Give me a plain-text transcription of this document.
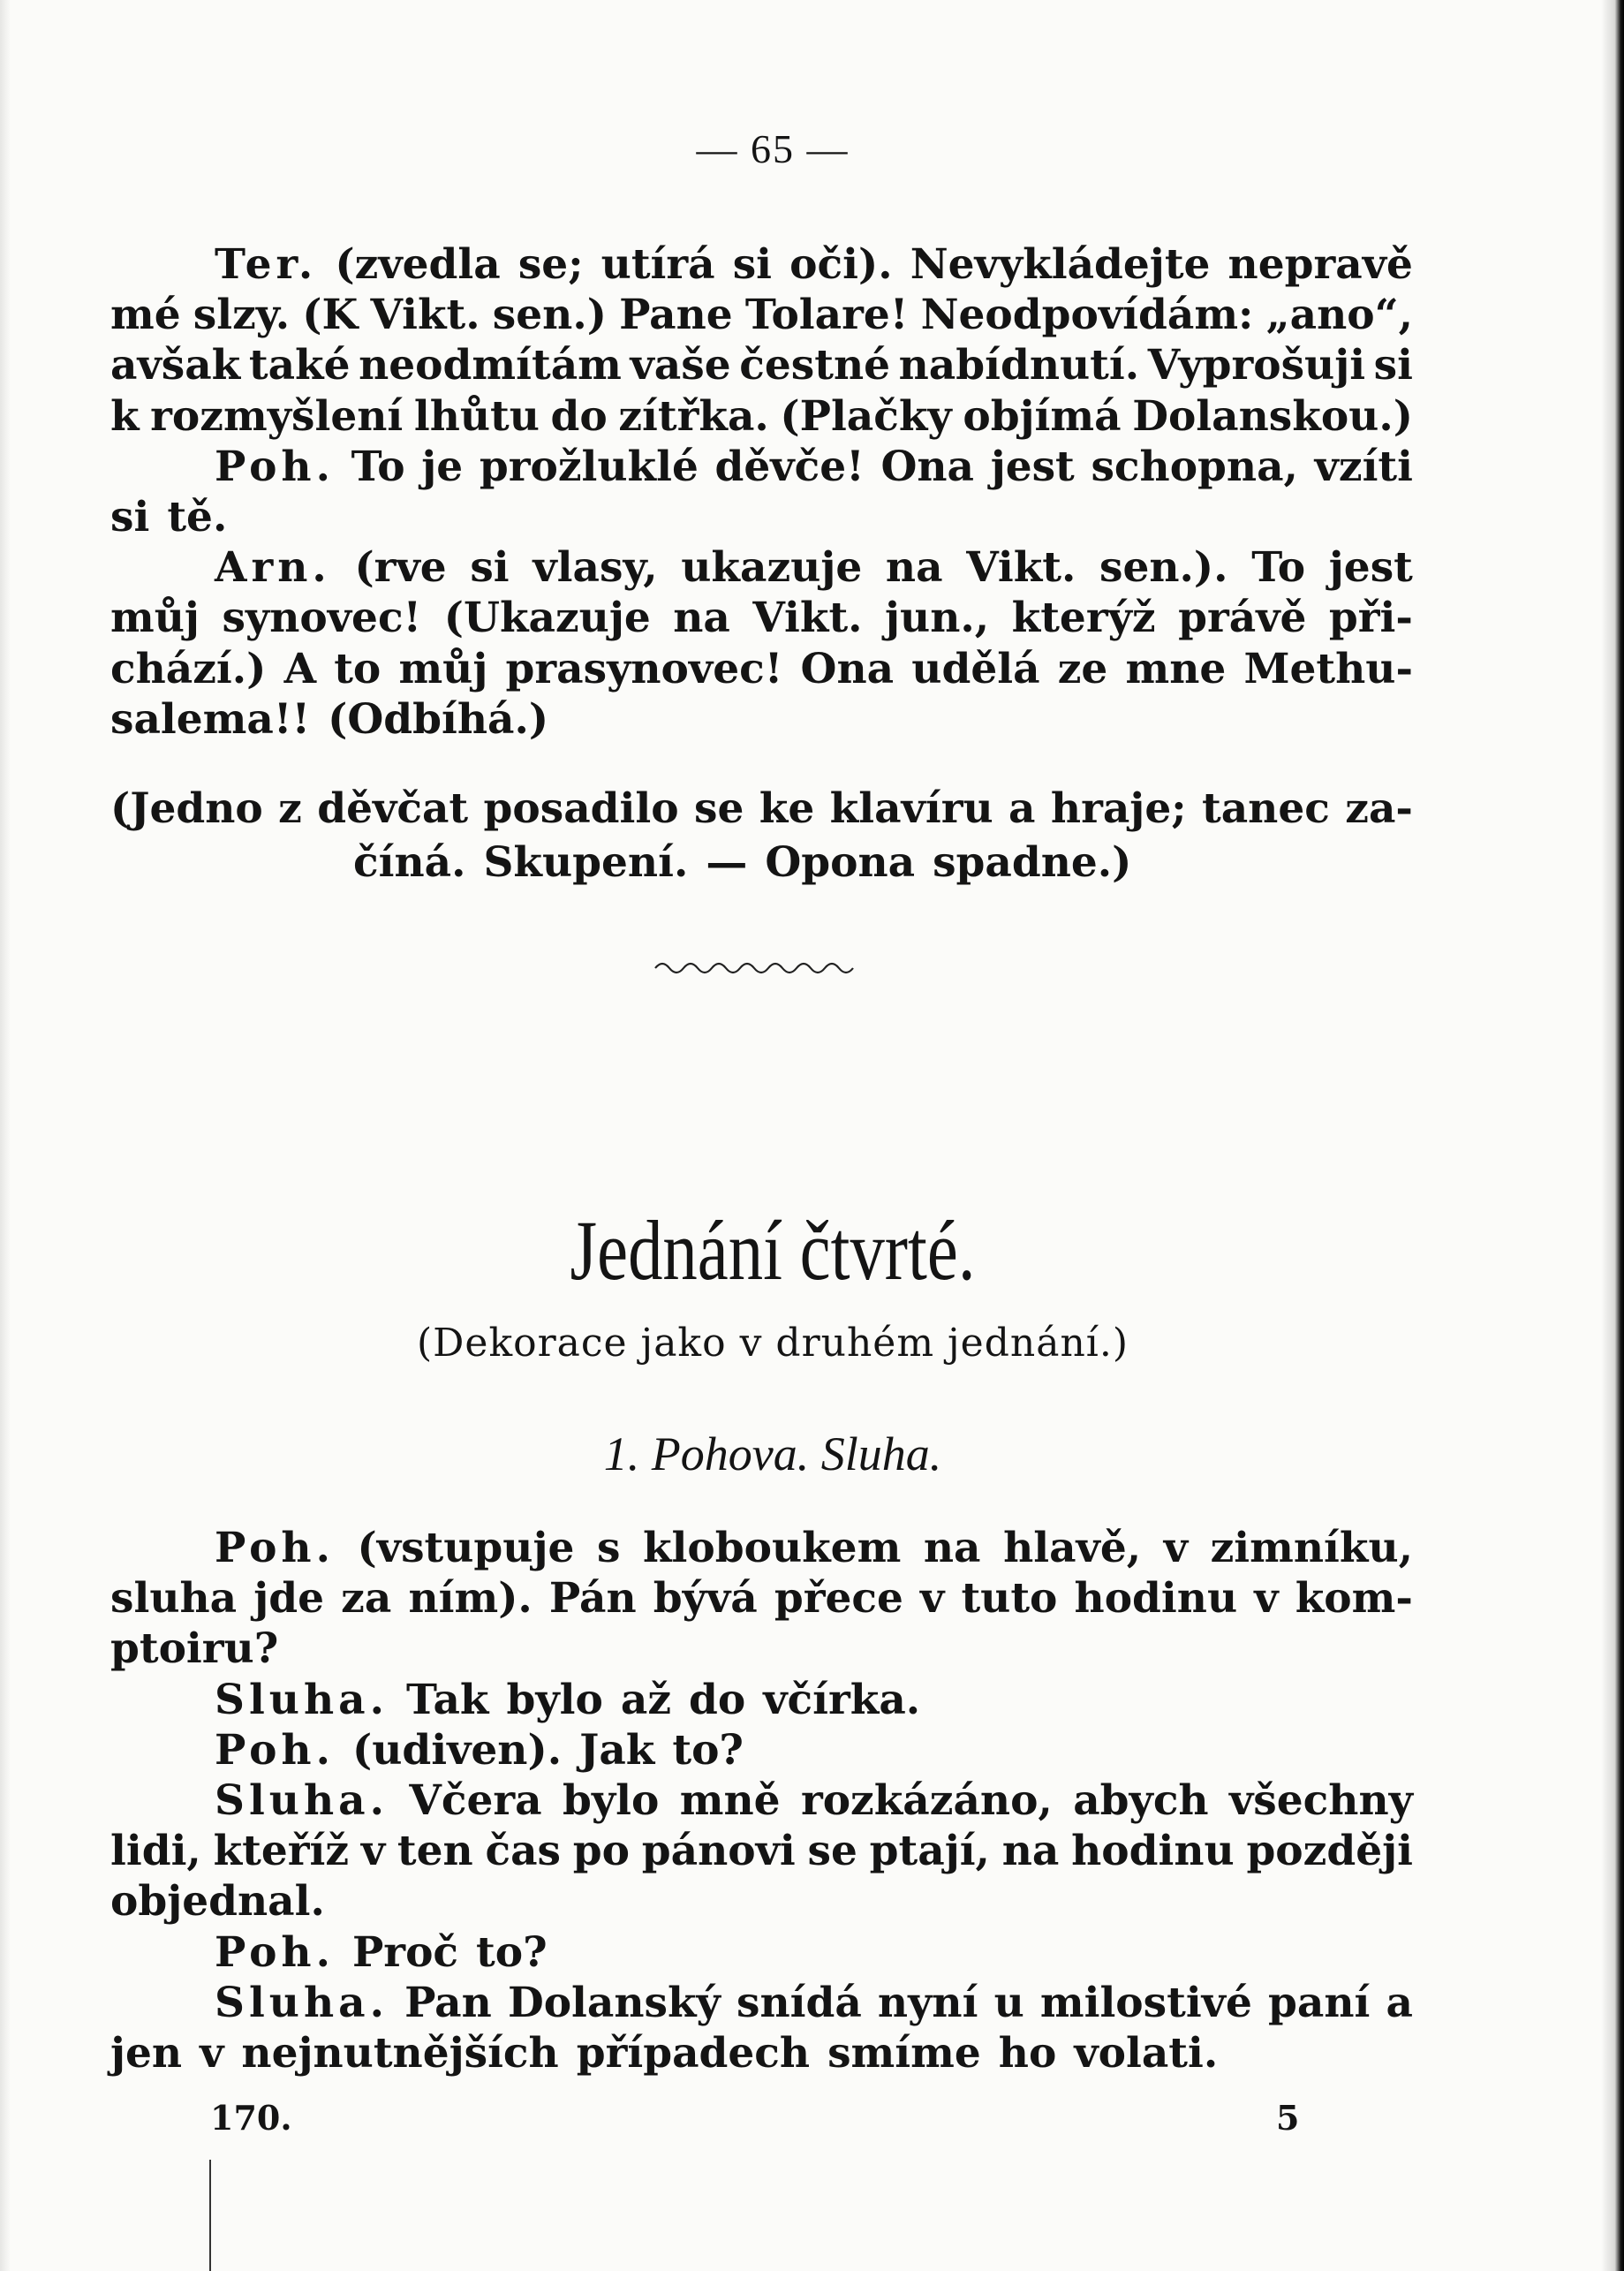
— 65 —
Ter. (zvedla se; utírá si oči). Nevykládejte nepravě
mé slzy. (K Vikt. sen.) Pane Tolare! Neodpovídám: „ano“,
avšak také neodmítám vaše čestné nabídnutí. Vyprošuji si
k rozmyšlení lhůtu do zítřka. (Plačky objímá Dolanskou.)
Poh. To je prožluklé děvče! Ona jest schopna, vzíti
si tě.
Arn. (rve si vlasy, ukazuje na Vikt. sen.). To jest
můj synovec! (Ukazuje na Vikt. jun., kterýž právě při-
chází.) A to můj prasynovec! Ona udělá ze mne Methu-
salema!! (Odbíhá.)
(Jedno z děvčat posadilo se ke klavíru a hraje; tanec za-
číná. Skupení. — Opona spadne.)
Jednání čtvrté.
(Dekorace jako v druhém jednání.)
1. Pohova. Sluha.
Poh. (vstupuje s kloboukem na hlavě, v zimníku,
sluha jde za ním). Pán bývá přece v tuto hodinu v kom-
ptoiru?
Sluha. Tak bylo až do včírka.
Poh. (udiven). Jak to?
Sluha. Včera bylo mně rozkázáno, abych všechny
lidi, kteříž v ten čas po pánovi se ptají, na hodinu později
objednal.
Poh. Proč to?
Sluha. Pan Dolanský snídá nyní u milostivé paní a
jen v nejnutnějších případech smíme ho volati.
170.	5
